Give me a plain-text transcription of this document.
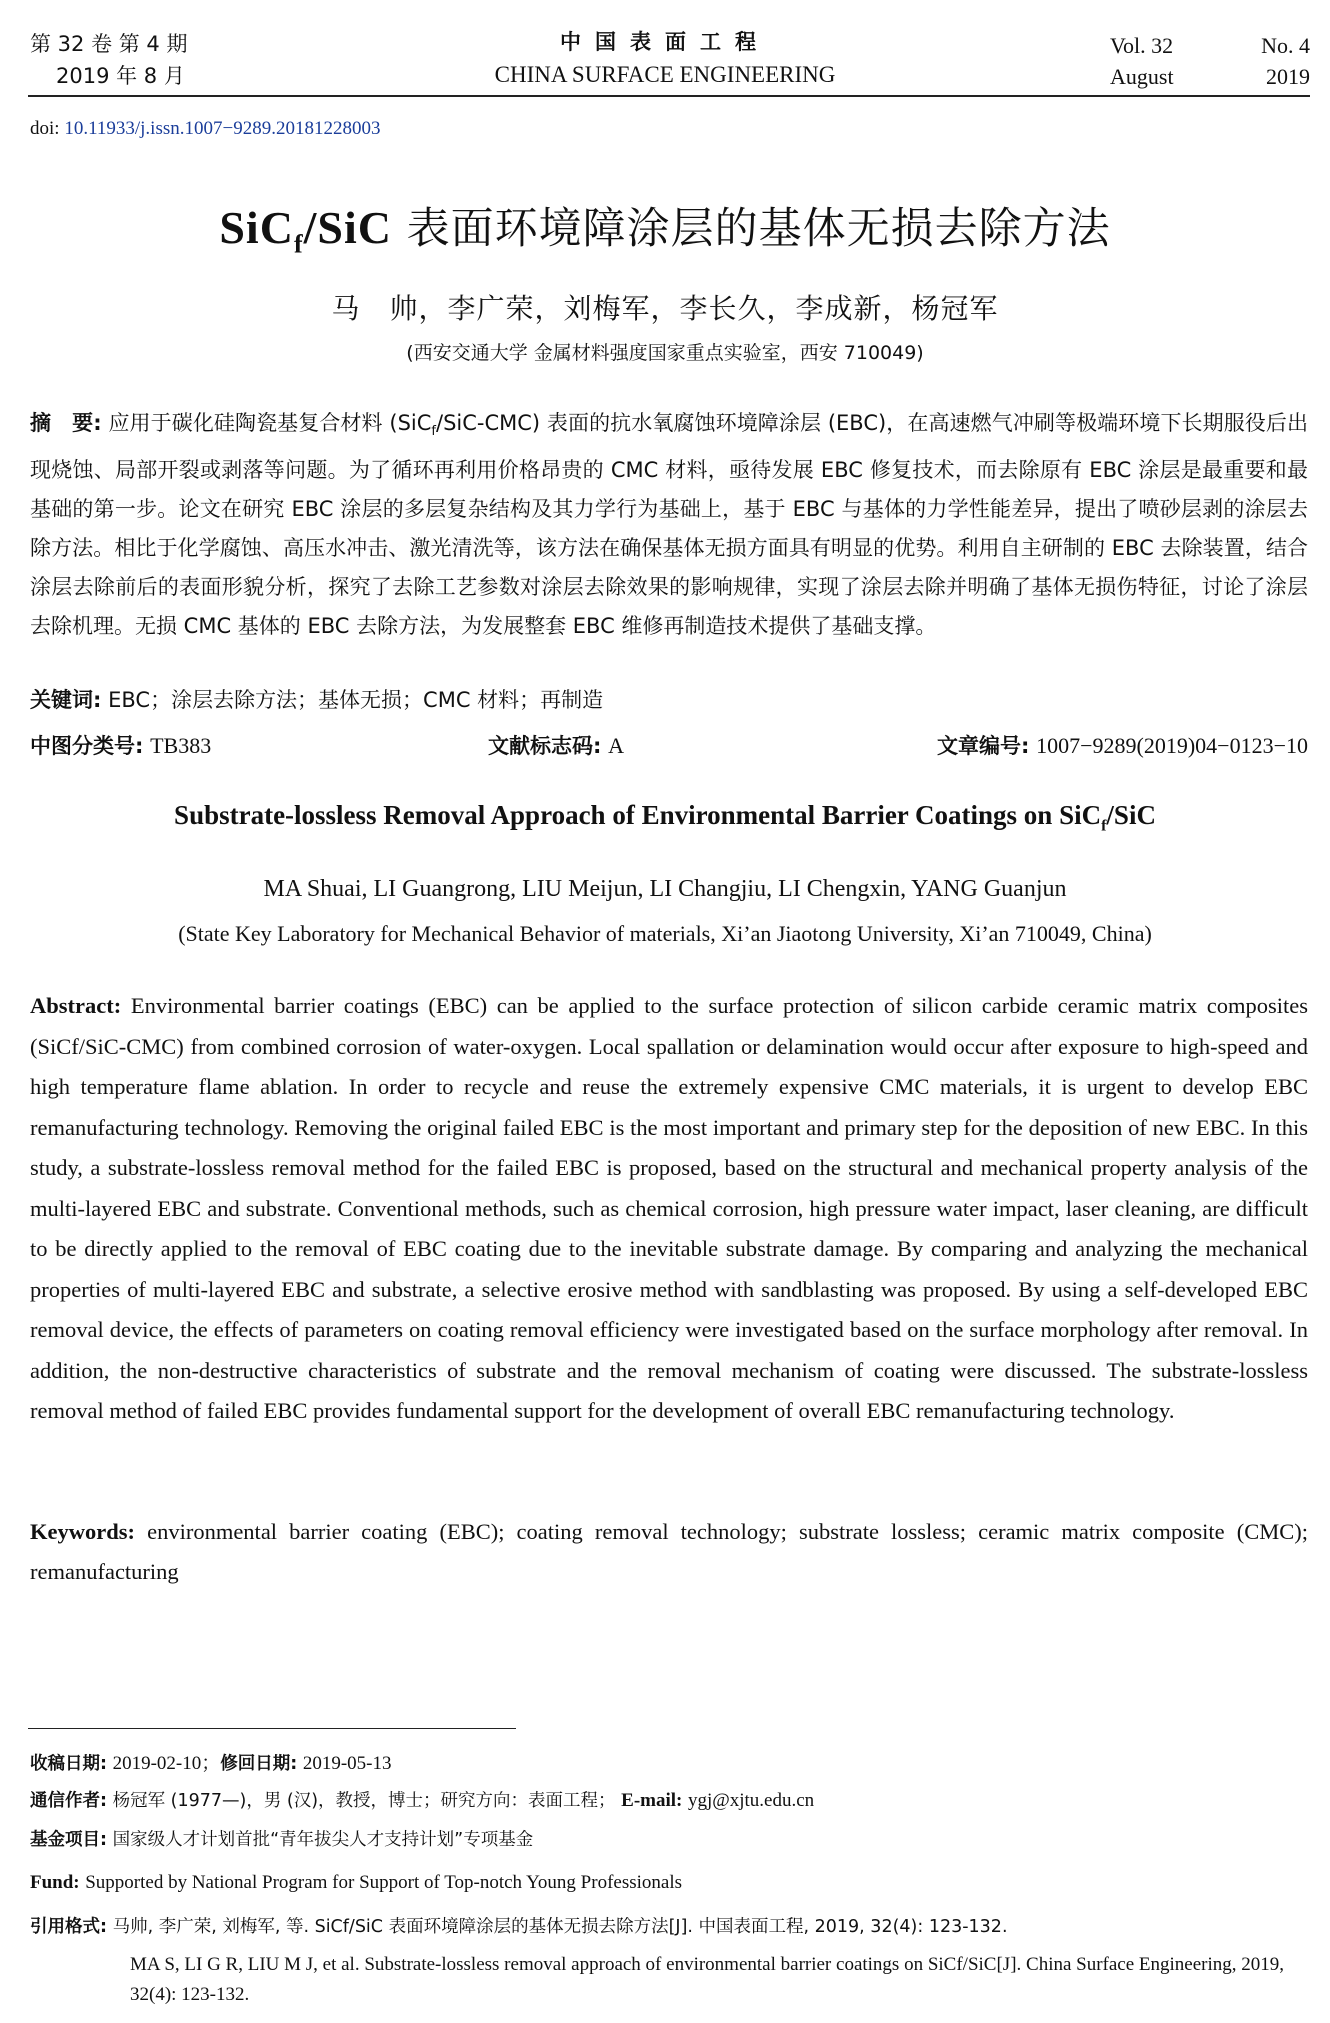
第 32 卷 第 4 期
2019 年 8 月
中国表面工程
CHINA SURFACE ENGINEERING
Vol. 32	No. 4
August	2019
doi: 10.11933/j.issn.1007−9289.20181228003
SiC$_f$/SiC 表面环境障涂层的基体无损去除方法
马　帅，李广荣，刘梅军，李长久，李成新，杨冠军
(西安交通大学 金属材料强度国家重点实验室，西安 710049)
摘　要: 应用于碳化硅陶瓷基复合材料 (SiC$_f$/SiC-CMC) 表面的抗水氧腐蚀环境障涂层 (EBC)，在高速燃气冲刷等极端环境下长期服役后出现烧蚀、局部开裂或剥落等问题。为了循环再利用价格昂贵的 CMC 材料，亟待发展 EBC 修复技术，而去除原有 EBC 涂层是最重要和最基础的第一步。论文在研究 EBC 涂层的多层复杂结构及其力学行为基础上，基于 EBC 与基体的力学性能差异，提出了喷砂层剥的涂层去除方法。相比于化学腐蚀、高压水冲击、激光清洗等，该方法在确保基体无损方面具有明显的优势。利用自主研制的 EBC 去除装置，结合涂层去除前后的表面形貌分析，探究了去除工艺参数对涂层去除效果的影响规律，实现了涂层去除并明确了基体无损伤特征，讨论了涂层去除机理。无损 CMC 基体的 EBC 去除方法，为发展整套 EBC 维修再制造技术提供了基础支撑。
关键词: EBC；涂层去除方法；基体无损；CMC 材料；再制造
中图分类号: TB383	文献标志码: A	文章编号: 1007−9289(2019)04−0123−10
Substrate-lossless Removal Approach of Environmental Barrier Coatings on SiC$_f$/SiC
MA Shuai, LI Guangrong, LIU Meijun, LI Changjiu, LI Chengxin, YANG Guanjun
(State Key Laboratory for Mechanical Behavior of materials, Xi’an Jiaotong University, Xi’an 710049, China)
Abstract: Environmental barrier coatings (EBC) can be applied to the surface protection of silicon carbide ceramic matrix composites (SiCf/SiC-CMC) from combined corrosion of water-oxygen. Local spallation or delamination would occur after exposure to high-speed and high temperature flame ablation. In order to recycle and reuse the extremely expensive CMC materials, it is urgent to develop EBC remanufacturing technology. Removing the original failed EBC is the most important and primary step for the deposition of new EBC. In this study, a substrate-lossless removal method for the failed EBC is proposed, based on the structural and mechanical property analysis of the multi-layered EBC and substrate. Conventional methods, such as chemical corrosion, high pressure water impact, laser cleaning, are difficult to be directly applied to the removal of EBC coating due to the inevitable substrate damage. By comparing and analyzing the mechanical properties of multi-layered EBC and substrate, a selective erosive method with sandblasting was proposed. By using a self-developed EBC removal device, the effects of parameters on coating removal efficiency were investigated based on the surface morphology after removal. In addition, the non-destructive characteristics of substrate and the removal mechanism of coating were discussed. The substrate-lossless removal method of failed EBC provides fundamental support for the development of overall EBC remanufacturing technology.
Keywords: environmental barrier coating (EBC); coating removal technology; substrate lossless; ceramic matrix composite (CMC); remanufacturing
收稿日期: 2019-02-10；修回日期: 2019-05-13
通信作者: 杨冠军 (1977—)，男 (汉)，教授，博士；研究方向：表面工程； E-mail: ygj@xjtu.edu.cn
基金项目: 国家级人才计划首批“青年拔尖人才支持计划”专项基金
Fund: Supported by National Program for Support of Top-notch Young Professionals
引用格式: 马帅, 李广荣, 刘梅军, 等. SiCf/SiC 表面环境障涂层的基体无损去除方法[J]. 中国表面工程, 2019, 32(4): 123-132.
MA S, LI G R, LIU M J, et al. Substrate-lossless removal approach of environmental barrier coatings on SiCf/SiC[J]. China Surface Engineering, 2019, 32(4): 123-132.
